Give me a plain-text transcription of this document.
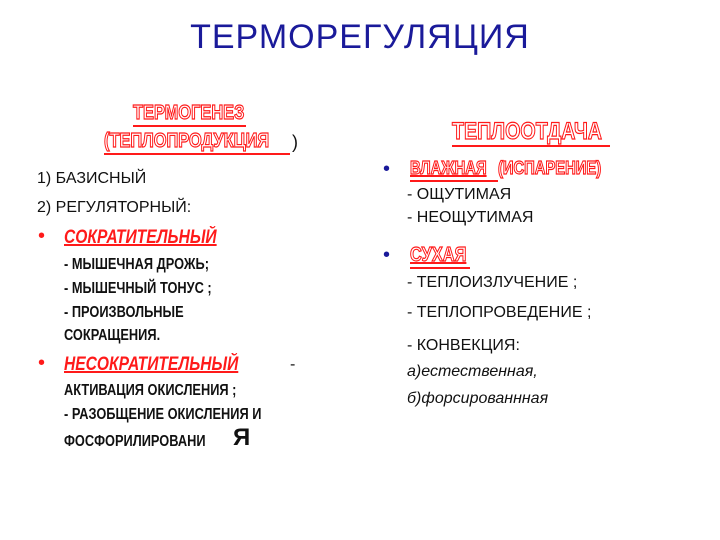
ТЕРМОРЕГУЛЯЦИЯ
ТЕРМОГЕНЕЗ
(ТЕПЛОПРОДУКЦИЯ )
1) БАЗИСНЫЙ
2) РЕГУЛЯТОРНЫЙ:
• СОКРАТИТЕЛЬНЫЙ
- МЫШЕЧНАЯ ДРОЖЬ;
- МЫШЕЧНЫЙ ТОНУС ;
- ПРОИЗВОЛЬНЫЕ
СОКРАЩЕНИЯ.
• НЕСОКРАТИТЕЛЬНЫЙ	-
АКТИВАЦИЯ ОКИСЛЕНИЯ ;
- РАЗОБЩЕНИЕ ОКИСЛЕНИЯ И
ФОСФОРИЛИРОВАНИ Я
ТЕПЛООТДАЧА
• ВЛАЖНАЯ (ИСПАРЕНИЕ)
- ОЩУТИМАЯ
- НЕОЩУТИМАЯ
• СУХАЯ
- ТЕПЛОИЗЛУЧЕНИЕ ;
- ТЕПЛОПРОВЕДЕНИЕ ;
- КОНВЕКЦИЯ:
а)естественная,
б)форсированнная
